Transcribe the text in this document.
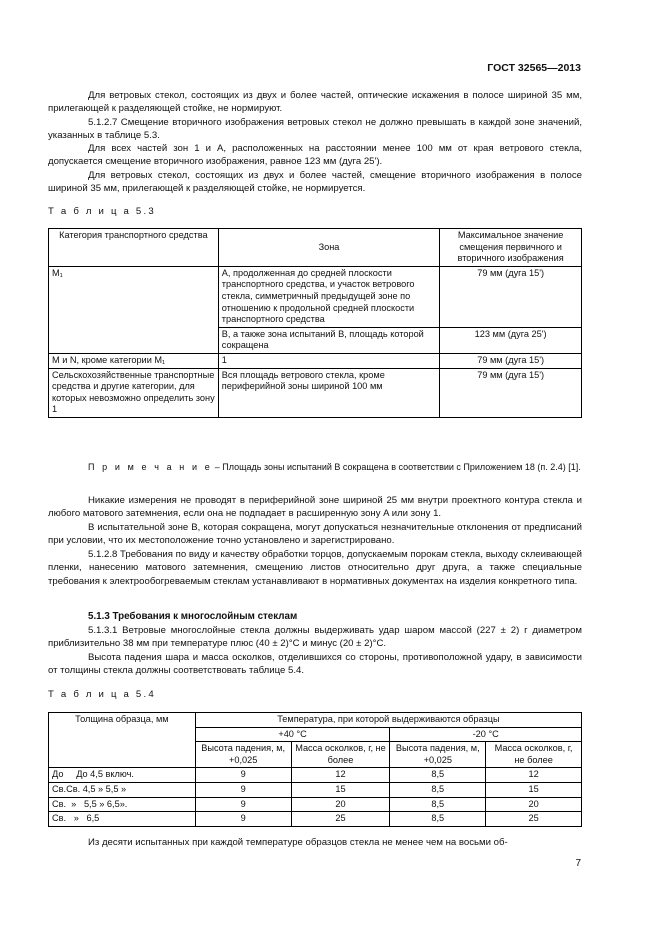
ГОСТ 32565—2013

Для ветровых стекол, состоящих из двух и более частей, оптические искажения в полосе шириной 35 мм, прилегающей к разделяющей стойке, не нормируют.

5.1.2.7 Смещение вторичного изображения ветровых стекол не должно превышать в каждой зоне значений, указанных в таблице 5.3.

Для всех частей зон 1 и A, расположенных на расстоянии менее 100 мм от края ветрового стекла, допускается смещение вторичного изображения, равное 123 мм (дуга 25').

Для ветровых стекол, состоящих из двух и более частей, смещение вторичного изображения в полосе шириной 35 мм, прилегающей к разделяющей стойке, не нормируется.

Т а б л и ц а 5.3
Категория транспортного средства	Зона	Максимальное значение смещения первичного и вторичного изображения
M₁	A, продолженная до средней плоскости транспортного средства, и участок ветрового стекла, симметричный предыдущей зоне по отношению к продольной средней плоскости транспортного средства	79 мм (дуга 15')
	B, а также зона испытаний B, площадь которой сокращена	123 мм (дуга 25')
M и N, кроме категории M₁	1	79 мм (дуга 15')
Сельскохозяйственные транспортные средства и другие категории, для которых невозможно определить зону 1	Вся площадь ветрового стекла, кроме периферийной зоны шириной 100 мм	79 мм (дуга 15')

П р и м е ч а н и е – Площадь зоны испытаний B сокращена в соответствии с Приложением 18 (п. 2.4) [1].

Никакие измерения не проводят в периферийной зоне шириной 25 мм внутри проектного контура стекла и любого матового затемнения, если она не подпадает в расширенную зону A или зону 1.

В испытательной зоне B, которая сокращена, могут допускаться незначительные отклонения от предписаний при условии, что их местоположение точно установлено и зарегистрировано.

5.1.2.8 Требования по виду и качеству обработки торцов, допускаемым порокам стекла, выходу склеивающей пленки, нанесению матового затемнения, смещению листов относительно друг друга, а также специальные требования к электрообогреваемым стеклам устанавливают в нормативных документах на изделия конкретного типа.

5.1.3 Требования к многослойным стеклам

5.1.3.1 Ветровые многослойные стекла должны выдерживать удар шаром массой (227 ± 2) г диаметром приблизительно 38 мм при температуре плюс (40 ± 2)°С и минус (20 ± 2)°С.

Высота падения шара и масса осколков, отделившихся со стороны, противоположной удару, в зависимости от толщины стекла должны соответствовать таблице 5.4.

Т а б л и ц а 5.4
Толщина образца, мм	Температура, при которой выдерживаются образцы			
	+40 °С		-20 °С	
	Высота падения, м, +0,025	Масса осколков, г, не более	Высота падения, м, +0,025	Масса осколков, г, не более
До     До 4,5 включ.	9	12	8,5	12
Св.Св. 4,5 » 5,5 »	9	15	8,5	15
Св.  »   5,5 » 6,5».	9	20	8,5	20
Св.   »   6,5	9	25	8,5	25

Из десяти испытанных при каждой температуре образцов стекла не менее чем на восьми об-

7
